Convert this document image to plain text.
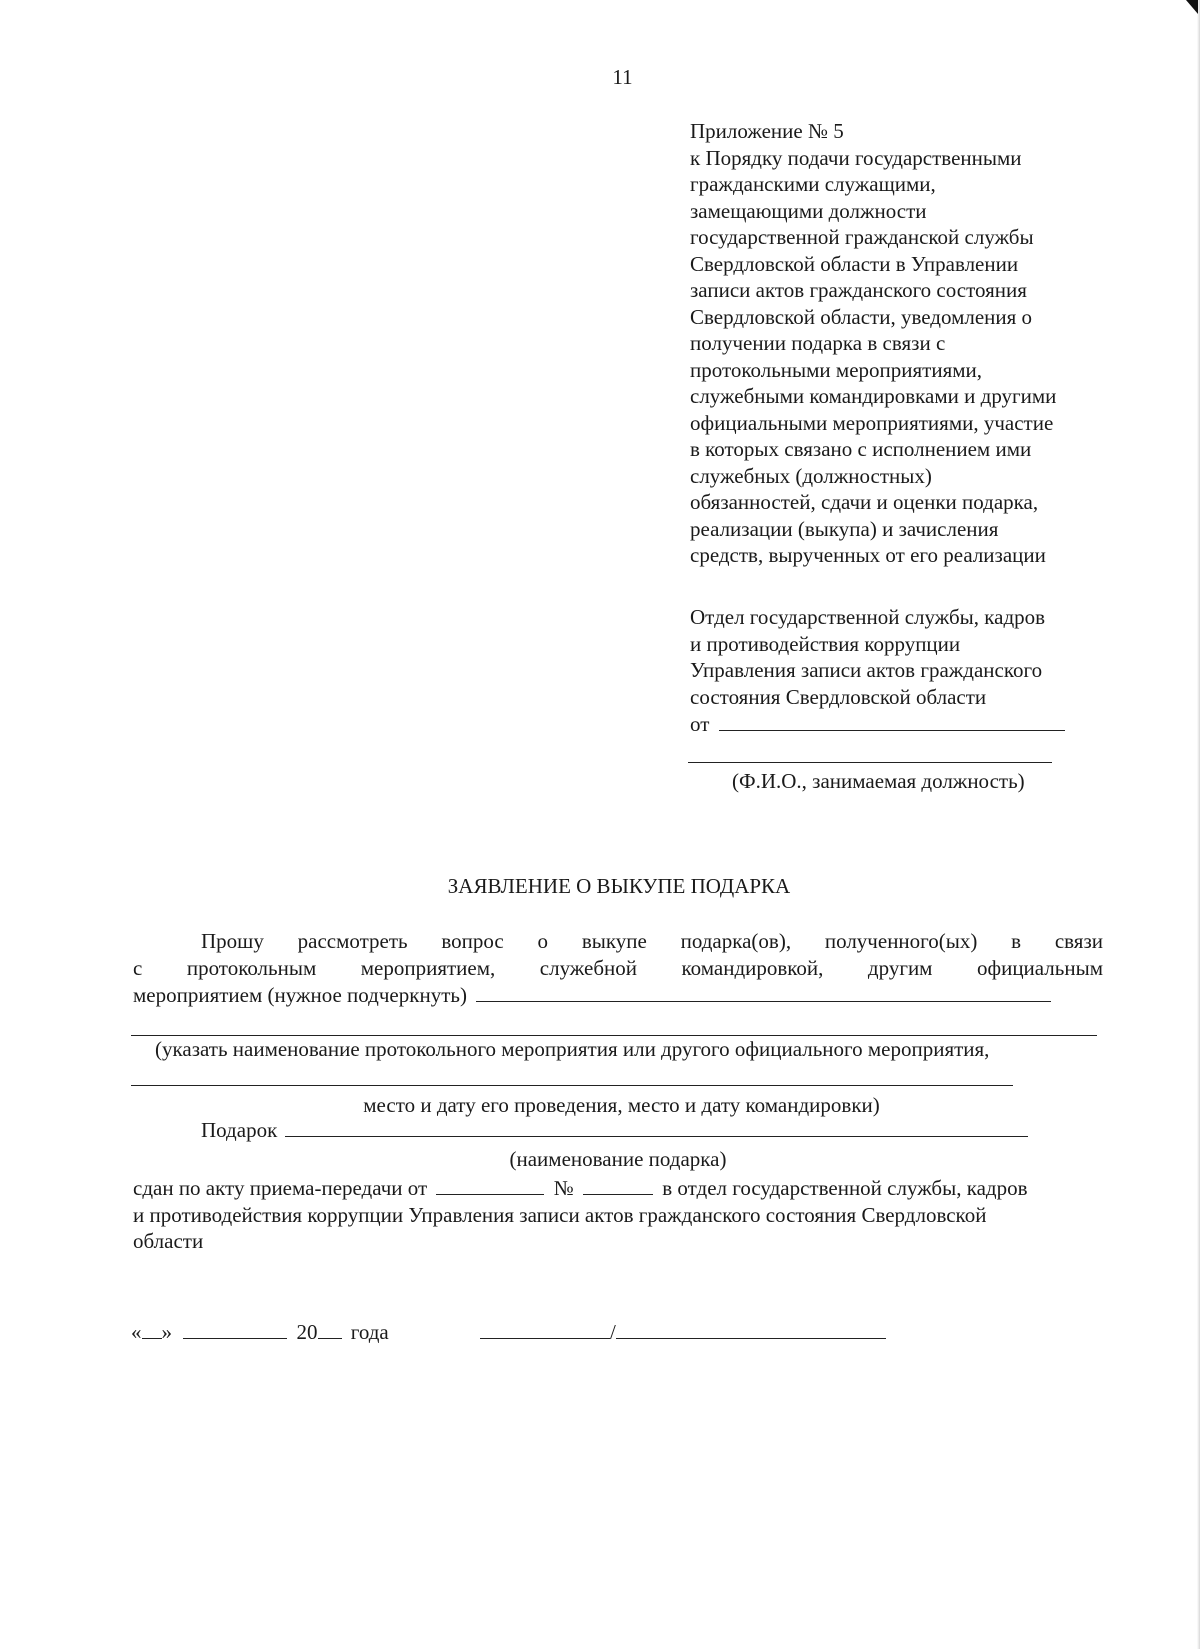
11
Приложение № 5
к Порядку подачи государственными
гражданскими служащими,
замещающими должности
государственной гражданской службы
Свердловской области в Управлении
записи актов гражданского состояния
Свердловской области, уведомления о
получении подарка в связи с
протокольными мероприятиями,
служебными командировками и другими
официальными мероприятиями, участие
в которых связано с исполнением ими
служебных (должностных)
обязанностей, сдачи и оценки подарка,
реализации (выкупа) и зачисления
средств, вырученных от его реализации
Отдел государственной службы, кадров
и противодействия коррупции
Управления записи актов гражданского
состояния Свердловской области
от
(Ф.И.О., занимаемая должность)
ЗАЯВЛЕНИЕ О ВЫКУПЕ ПОДАРКА
Прошу рассмотреть вопрос о выкупе подарка(ов), полученного(ых) в связи
с протокольным мероприятием, служебной командировкой, другим официальным
мероприятием (нужное подчеркнуть)
(указать наименование протокольного мероприятия или другого официального мероприятия,
место и дату его проведения, место и дату командировки)
Подарок
(наименование подарка)
сдан по акту приема-передачи от	№	в отдел государственной службы, кадров
и противодействия коррупции Управления записи актов гражданского состояния Свердловской
области
« »	20 года	/
